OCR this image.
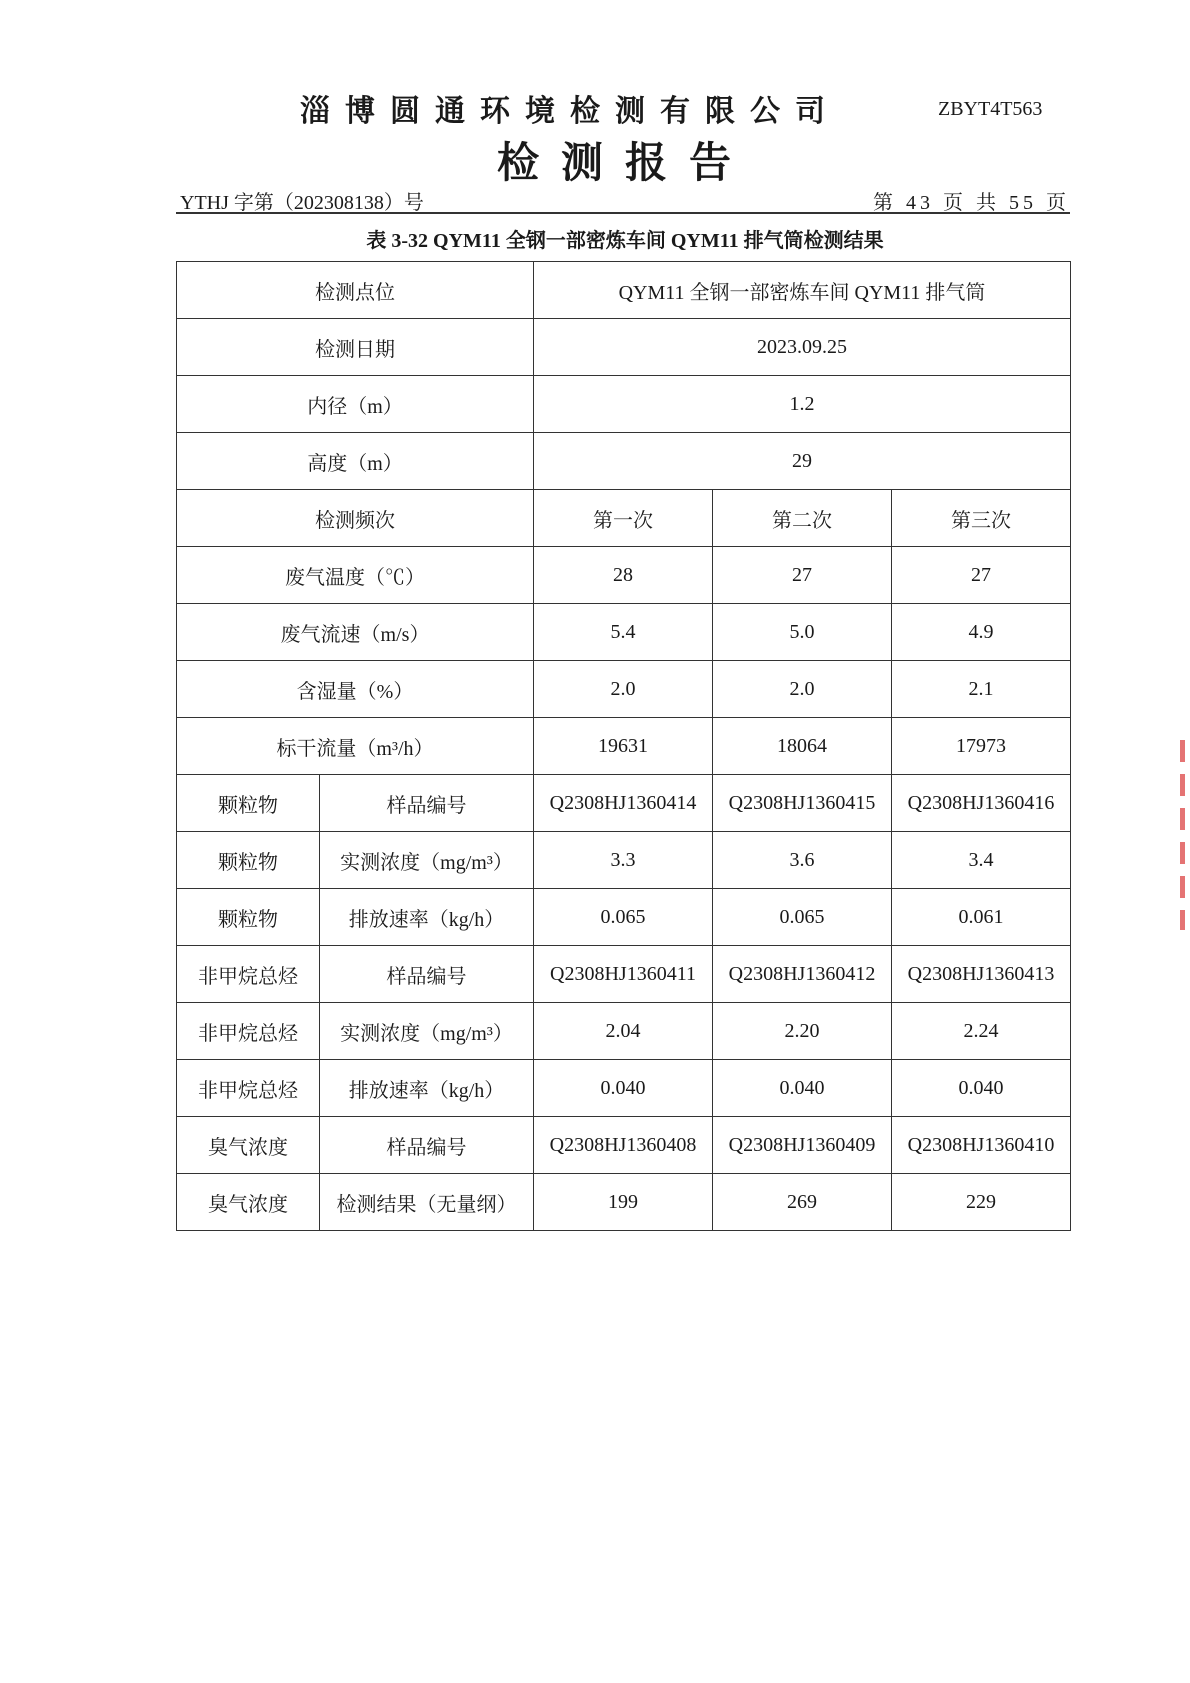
淄博圆通环境检测有限公司	ZBYT4T563
检测报告
YTHJ 字第（202308138）号	第 43 页 共 55 页
表 3-32 QYM11 全钢一部密炼车间 QYM11 排气筒检测结果
检测点位		QYM11 全钢一部密炼车间 QYM11 排气筒		
检测日期		2023.09.25		
内径（m）		1.2		
高度（m）		29		
检测频次		第一次	第二次	第三次
废气温度（℃）		28	27	27
废气流速（m/s）		5.4	5.0	4.9
含湿量（%）		2.0	2.0	2.1
标干流量（m³/h）		19631	18064	17973
颗粒物	样品编号	Q2308HJ1360414	Q2308HJ1360415	Q2308HJ1360416
颗粒物	实测浓度（mg/m³）	3.3	3.6	3.4
颗粒物	排放速率（kg/h）	0.065	0.065	0.061
非甲烷总烃	样品编号	Q2308HJ1360411	Q2308HJ1360412	Q2308HJ1360413
非甲烷总烃	实测浓度（mg/m³）	2.04	2.20	2.24
非甲烷总烃	排放速率（kg/h）	0.040	0.040	0.040
臭气浓度	样品编号	Q2308HJ1360408	Q2308HJ1360409	Q2308HJ1360410
臭气浓度	检测结果（无量纲）	199	269	229
